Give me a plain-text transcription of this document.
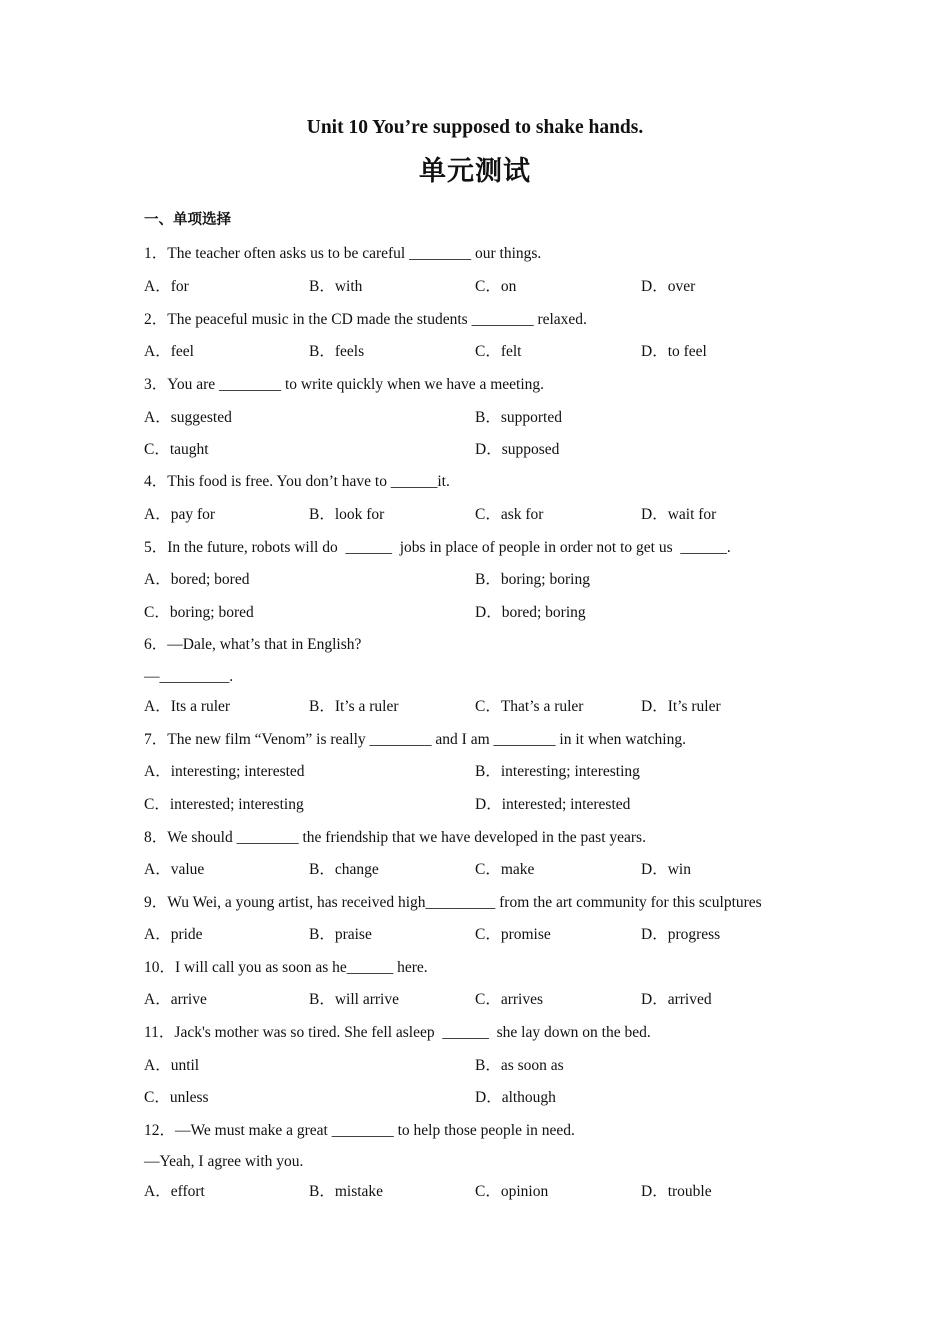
Unit 10 You’re supposed to shake hands.
单元测试
一、单项选择
1．The teacher often asks us to be careful ________ our things.
A．for	B．with	C．on	D．over
2．The peaceful music in the CD made the students ________ relaxed.
A．feel	B．feels	C．felt	D．to feel
3．You are ________ to write quickly when we have a meeting.
A．suggested	B．supported
C．taught	D．supposed
4．This food is free. You don’t have to ______it.
A．pay for	B．look for	C．ask for	D．wait for
5．In the future, robots will do  ______  jobs in place of people in order not to get us  ______.
A．bored; bored	B．boring; boring
C．boring; bored	D．bored; boring
6．—Dale, what’s that in English?
—_________.
A．Its a ruler	B．It’s a ruler	C．That’s a ruler	D．It’s ruler
7．The new film “Venom” is really ________ and I am ________ in it when watching.
A．interesting; interested	B．interesting; interesting
C．interested; interesting	D．interested; interested
8．We should ________ the friendship that we have developed in the past years.
A．value	B．change	C．make	D．win
9．Wu Wei, a young artist, has received high_________ from the art community for this sculptures
A．pride	B．praise	C．promise	D．progress
10．I will call you as soon as he______ here.
A．arrive	B．will arrive	C．arrives	D．arrived
11．Jack's mother was so tired. She fell asleep  ______  she lay down on the bed.
A．until	B．as soon as
C．unless	D．although
12．—We must make a great ________ to help those people in need.
—Yeah, I agree with you.
A．effort	B．mistake	C．opinion	D．trouble
